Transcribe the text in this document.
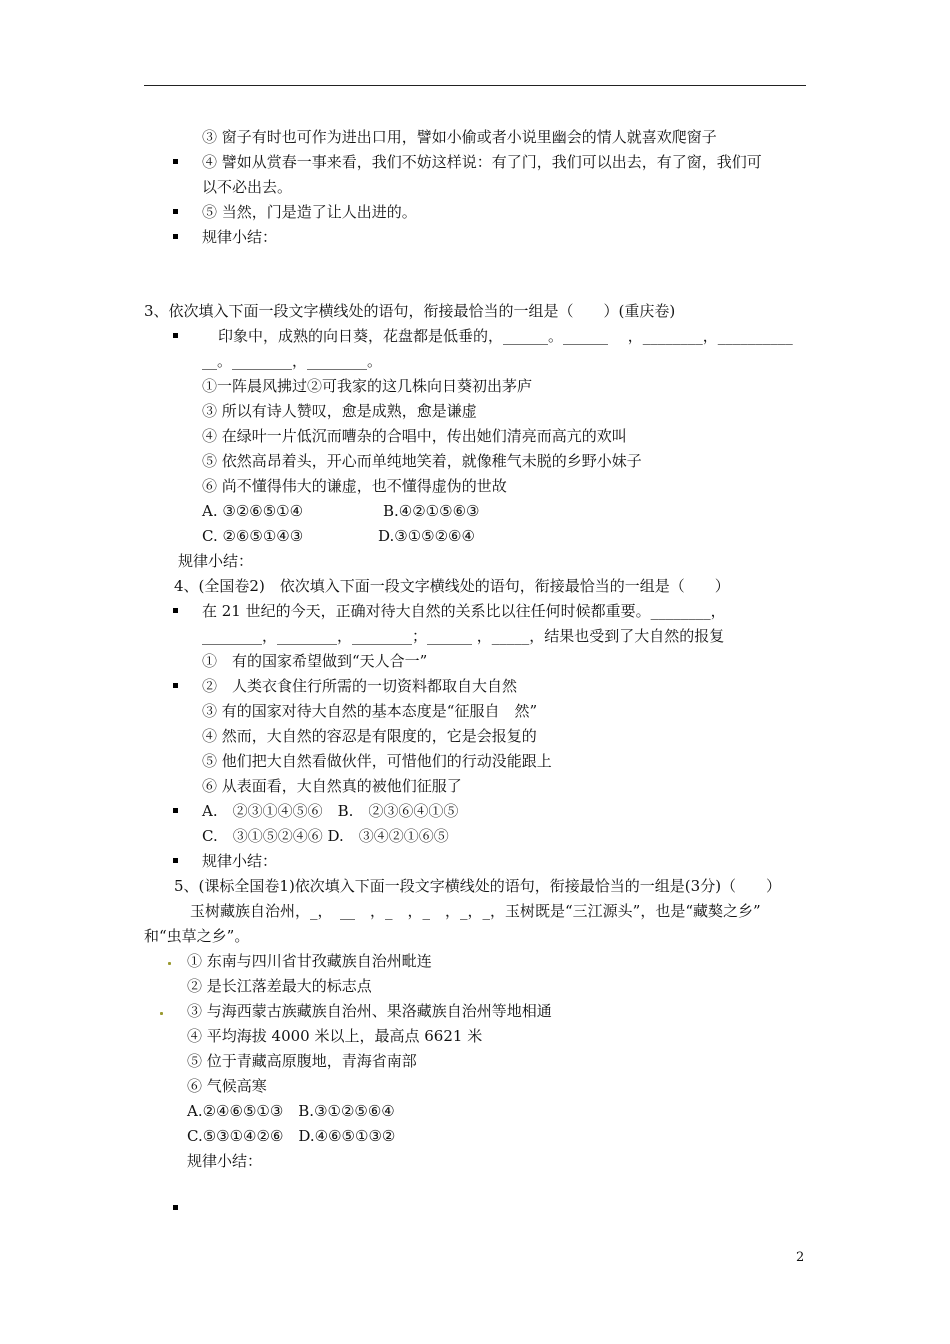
③ 窗子有时也可作为进出口用，譬如小偷或者小说里幽会的情人就喜欢爬窗子
④ 譬如从赏春一事来看，我们不妨这样说：有了门，我们可以出去，有了窗，我们可
以不必出去。
⑤ 当然，门是造了让人出进的。
规律小结：
3、依次填入下面一段文字横线处的语句，衔接最恰当的一组是（　　）(重庆卷)
印象中，成熟的向日葵，花盘都是低垂的，______。______ 　，________，__________
__。________，________。
①一阵晨风拂过②可我家的这几株向日葵初出茅庐
③ 所以有诗人赞叹，愈是成熟，愈是谦虚
④ 在绿叶一片低沉而嘈杂的合唱中，传出她们清亮而高亢的欢叫
⑤ 依然高昂着头，开心而单纯地笑着，就像稚气未脱的乡野小妹子
⑥ 尚不懂得伟大的谦虚，也不懂得虚伪的世故
A. ③②⑥⑤①④	B.④②①⑤⑥③
C. ②⑥⑤①④③	D.③①⑤②⑥④
规律小结：
4、(全国卷2)　依次填入下面一段文字横线处的语句，衔接最恰当的一组是（　　）
在 21 世纪的今天，正确对待大自然的关系比以往任何时候都重要。________，
________，________，________；______ ，_____，结果也受到了大自然的报复
①　有的国家希望做到“天人合一”
②　人类衣食住行所需的一切资料都取自大自然
③ 有的国家对待大自然的基本态度是“征服自　然”
④ 然而，大自然的容忍是有限度的，它是会报复的
⑤ 他们把大自然看做伙伴，可惜他们的行动没能跟上
⑥ 从表面看，大自然真的被他们征服了
A.　②③①④⑤⑥　B.　②③⑥④①⑤
C.　③①⑤②④⑥ D.　③④②①⑥⑤
规律小结：
5、(课标全国卷1)依次填入下面一段文字横线处的语句，衔接最恰当的一组是(3分)（　　）
玉树藏族自治州，_，　__　，_　，_　，_，_，玉树既是“三江源头”，也是“藏獒之乡”
和“虫草之乡”。
① 东南与四川省甘孜藏族自治州毗连
② 是长江落差最大的标志点
③ 与海西蒙古族藏族自治州、果洛藏族自治州等地相通
④ 平均海拔 4000 米以上，最高点 6621 米
⑤ 位于青藏高原腹地，青海省南部
⑥ 气候高寒
A.②④⑥⑤①③　B.③①②⑤⑥④
C.⑤③①④②⑥　D.④⑥⑤①③②
规律小结：
2
